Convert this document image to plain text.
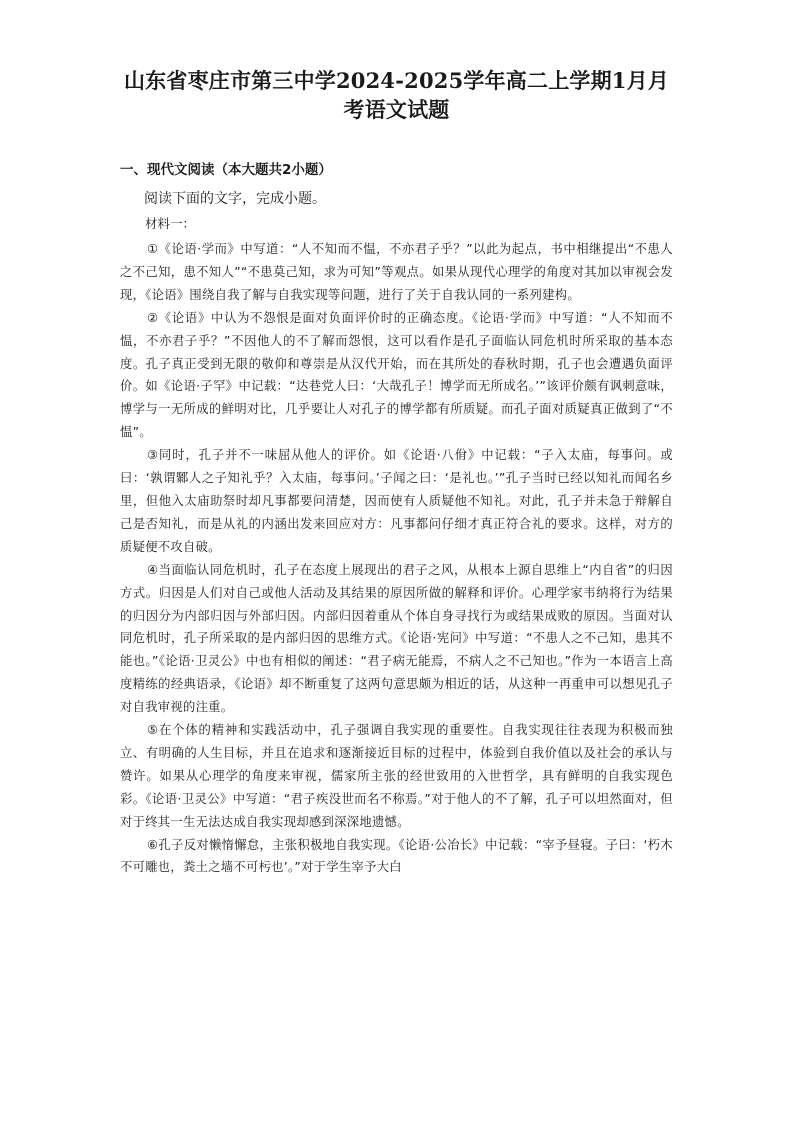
山东省枣庄市第三中学2024-2025学年高二上学期1月月
考语文试题
一、现代文阅读（本大题共2小题）
阅读下面的文字，完成小题。
材料一：

①《论语·学而》中写道：“人不知而不愠，不亦君子乎？”以此为起点，书中相继提出“不患人之不己知，患不知人”“不患莫己知，求为可知”等观点。如果从现代心理学的角度对其加以审视会发现，《论语》围绕自我了解与自我实现等问题，进行了关于自我认同的一系列建构。

②《论语》中认为不怨恨是面对负面评价时的正确态度。《论语·学而》中写道：“人不知而不愠，不亦君子乎？”不因他人的不了解而怨恨，这可以看作是孔子面临认同危机时所采取的基本态度。孔子真正受到无限的敬仰和尊崇是从汉代开始，而在其所处的春秋时期，孔子也会遭遇负面评价。如《论语·子罕》中记载：“达巷党人曰：‘大哉孔子！博学而无所成名。’”该评价颇有讽刺意味，博学与一无所成的鲜明对比，几乎要让人对孔子的博学都有所质疑。而孔子面对质疑真正做到了“不愠”。

③同时，孔子并不一味屈从他人的评价。如《论语·八佾》中记载：“子入太庙，每事问。或曰：‘孰谓鄹人之子知礼乎？入太庙，每事问。’子闻之曰：‘是礼也。’”孔子当时已经以知礼而闻名乡里，但他入太庙助祭时却凡事都要问清楚，因而使有人质疑他不知礼。对此，孔子并未急于辩解自己是否知礼，而是从礼的内涵出发来回应对方：凡事都问仔细才真正符合礼的要求。这样，对方的质疑便不攻自破。

④当面临认同危机时，孔子在态度上展现出的君子之风，从根本上源自思维上“内自省”的归因方式。归因是人们对自己或他人活动及其结果的原因所做的解释和评价。心理学家韦纳将行为结果的归因分为内部归因与外部归因。内部归因着重从个体自身寻找行为或结果成败的原因。当面对认同危机时，孔子所采取的是内部归因的思维方式。《论语·宪问》中写道：“不患人之不己知，患其不能也。”《论语·卫灵公》中也有相似的阐述：“君子病无能焉，不病人之不己知也。”作为一本语言上高度精练的经典语录，《论语》却不断重复了这两句意思颇为相近的话，从这种一再重申可以想见孔子对自我审视的注重。

⑤在个体的精神和实践活动中，孔子强调自我实现的重要性。自我实现往往表现为积极而独立、有明确的人生目标，并且在追求和逐渐接近目标的过程中，体验到自我价值以及社会的承认与赞许。如果从心理学的角度来审视，儒家所主张的经世致用的入世哲学，具有鲜明的自我实现色彩。《论语·卫灵公》中写道：“君子疾没世而名不称焉。”对于他人的不了解，孔子可以坦然面对，但对于终其一生无法达成自我实现却感到深深地遗憾。

⑥孔子反对懒惰懈怠，主张积极地自我实现。《论语·公冶长》中记载：“宰予昼寝。子曰：‘朽木不可雕也，粪土之墙不可杇也’。”对于学生宰予大白
